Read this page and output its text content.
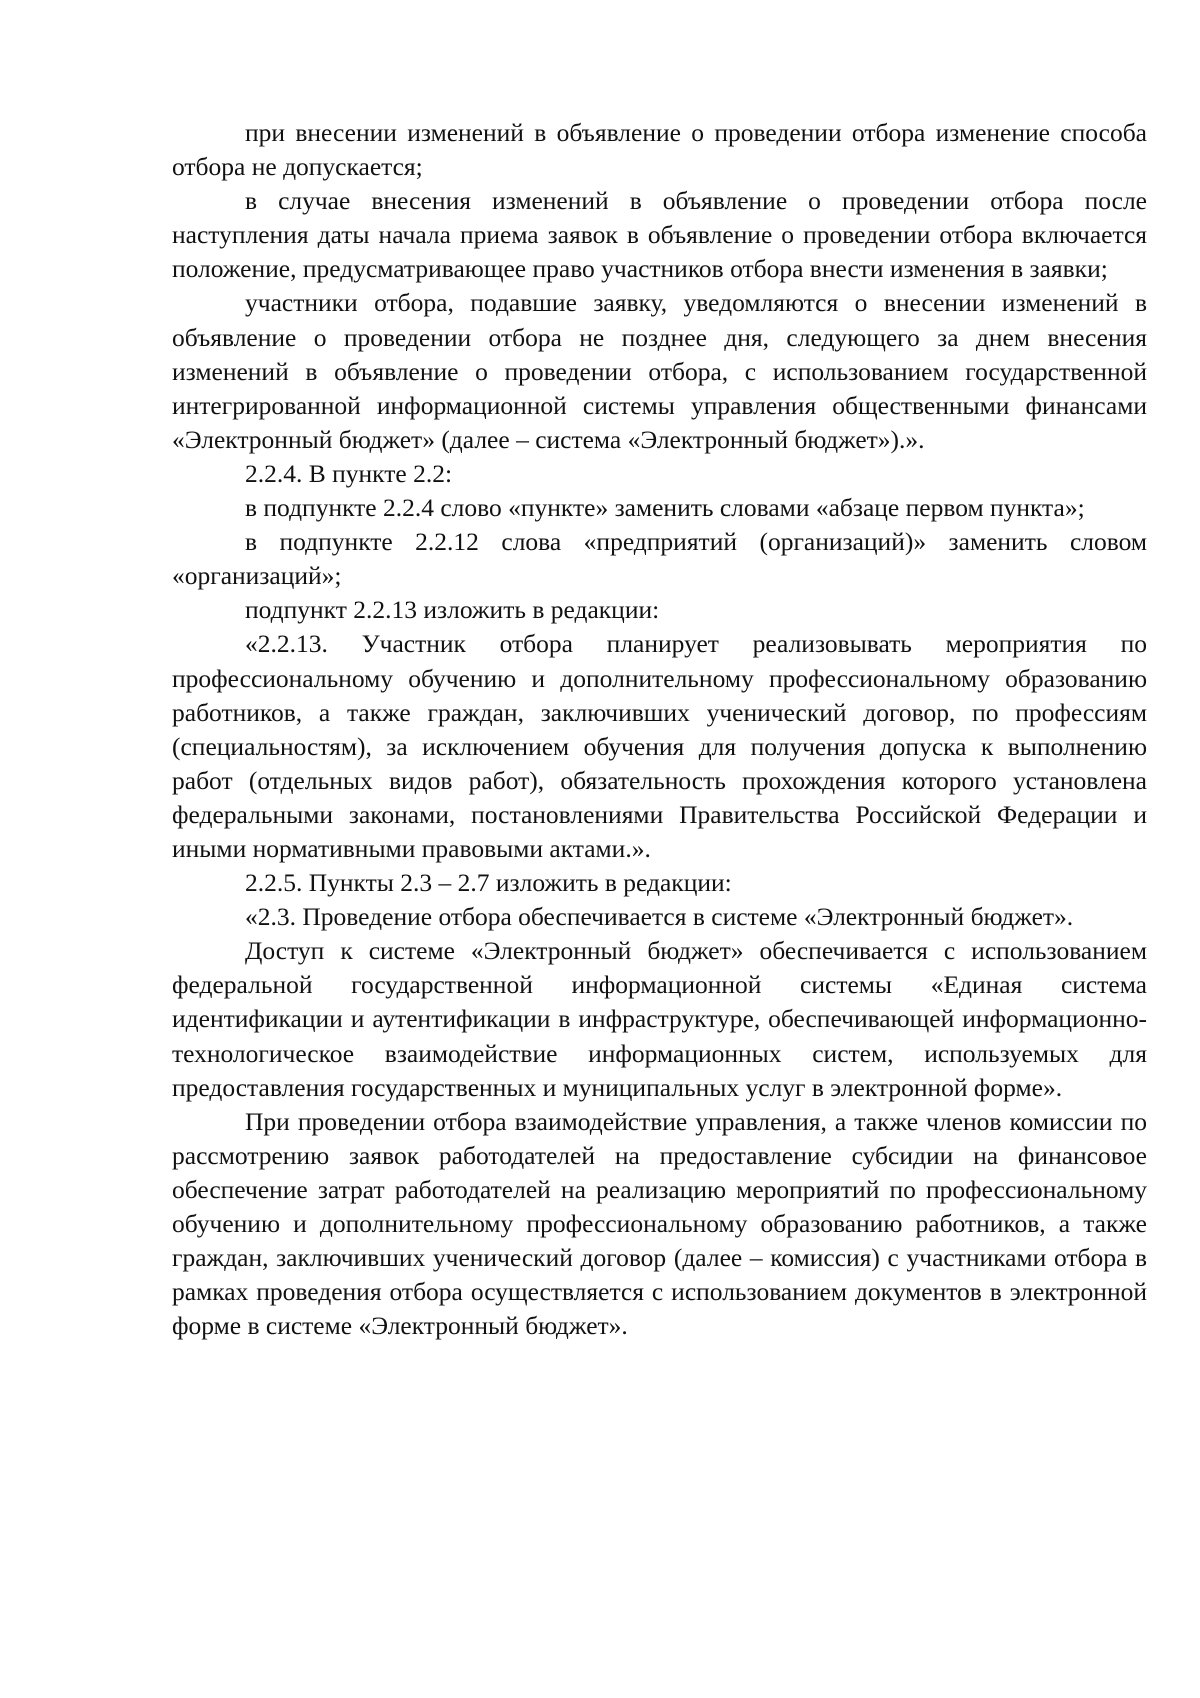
при внесении изменений в объявление о проведении отбора изменение способа отбора не допускается;

в случае внесения изменений в объявление о проведении отбора после наступления даты начала приема заявок в объявление о проведении отбора включается положение, предусматривающее право участников отбора внести изменения в заявки;

участники отбора, подавшие заявку, уведомляются о внесении изменений в объявление о проведении отбора не позднее дня, следующего за днем внесения изменений в объявление о проведении отбора, с использованием государственной интегрированной информационной системы управления общественными финансами «Электронный бюджет» (далее – система «Электронный бюджет»).».

2.2.4. В пункте 2.2:

в подпункте 2.2.4 слово «пункте» заменить словами «абзаце первом пункта»;

в подпункте 2.2.12 слова «предприятий (организаций)» заменить словом «организаций»;

подпункт 2.2.13 изложить в редакции:

«2.2.13. Участник отбора планирует реализовывать мероприятия по профессиональному обучению и дополнительному профессиональному образованию работников, а также граждан, заключивших ученический договор, по профессиям (специальностям), за исключением обучения для получения допуска к выполнению работ (отдельных видов работ), обязательность прохождения которого установлена федеральными законами, постановлениями Правительства Российской Федерации и иными нормативными правовыми актами.».

2.2.5. Пункты 2.3 – 2.7 изложить в редакции:

«2.3. Проведение отбора обеспечивается в системе «Электронный бюджет».

Доступ к системе «Электронный бюджет» обеспечивается с использованием федеральной государственной информационной системы «Единая система идентификации и аутентификации в инфраструктуре, обеспечивающей информационно-технологическое взаимодействие информационных систем, используемых для предоставления государственных и муниципальных услуг в электронной форме».

При проведении отбора взаимодействие управления, а также членов комиссии по рассмотрению заявок работодателей на предоставление субсидии на финансовое обеспечение затрат работодателей на реализацию мероприятий по профессиональному обучению и дополнительному профессиональному образованию работников, а также граждан, заключивших ученический договор (далее – комиссия) с участниками отбора в рамках проведения отбора осуществляется с использованием документов в электронной форме в системе «Электронный бюджет».
